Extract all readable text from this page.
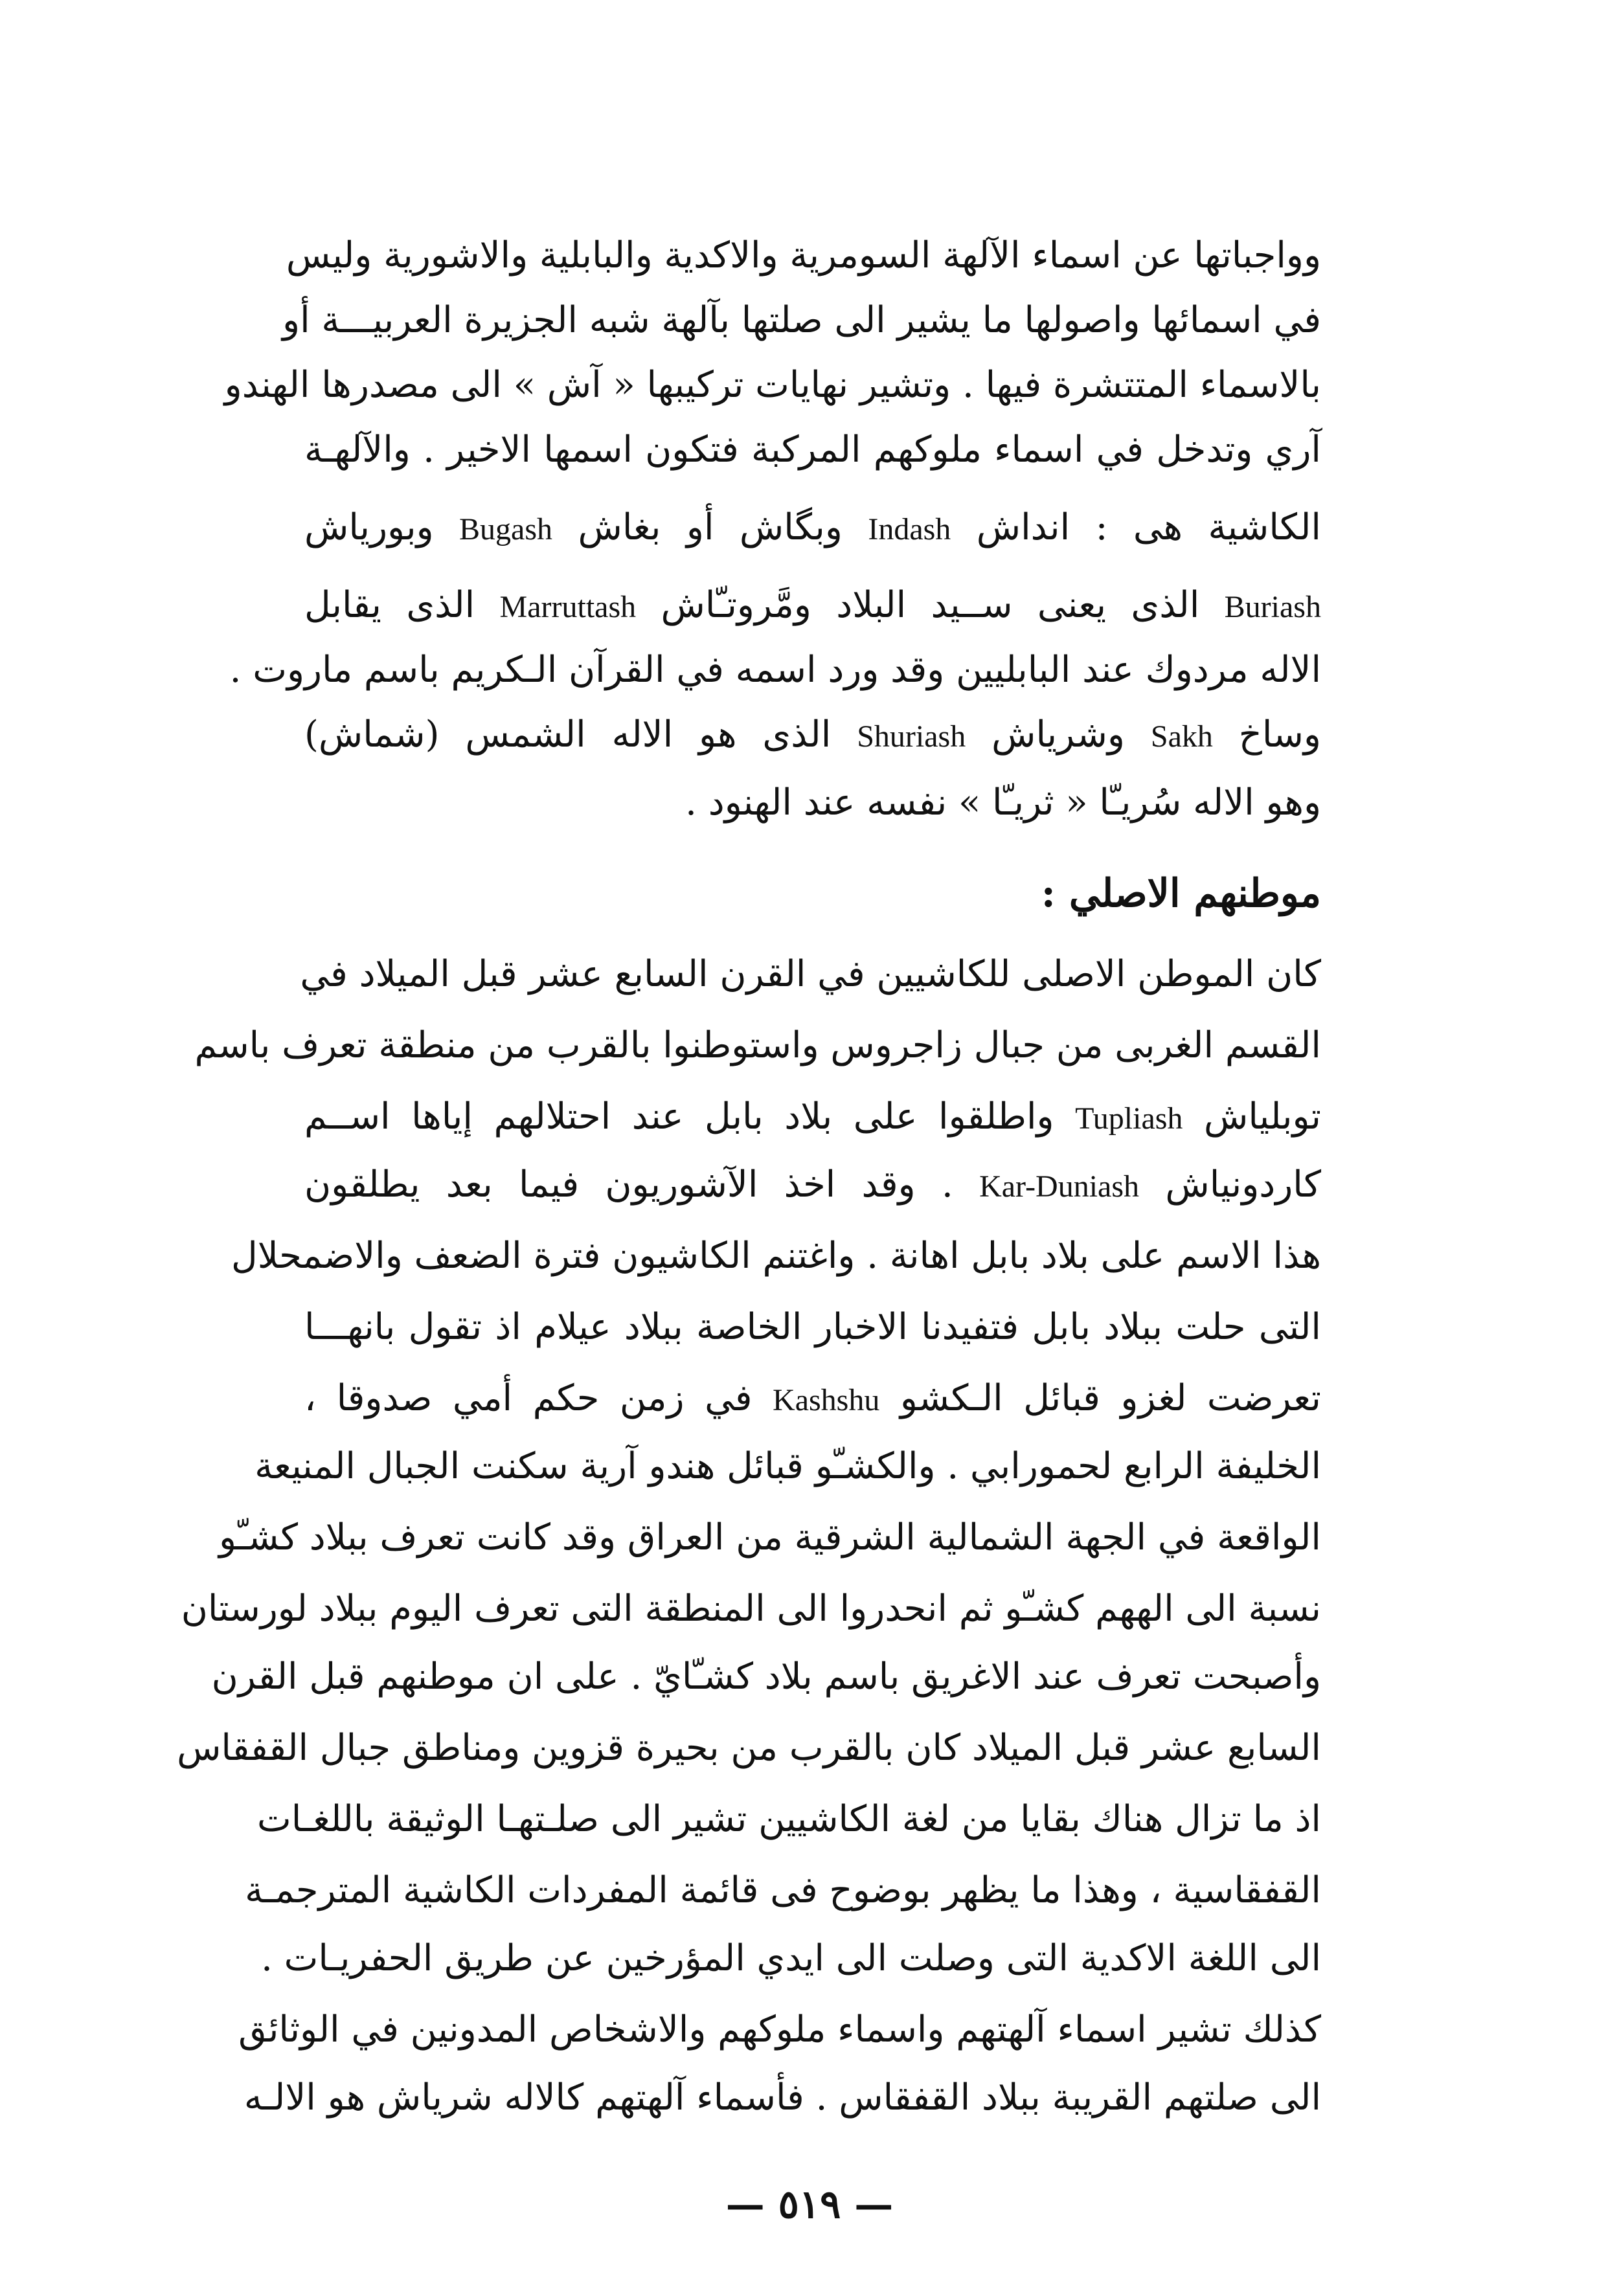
وواجباتها عن اسماء الآلهة السومرية والاكدية والبابلية والاشورية وليس
في اسمائها واصولها ما يشير الى صلتها بآلهة شبه الجزيرة العربيـــة أو
بالاسماء المتتشرة فيها . وتشير نهايات تركيبها « آش » الى مصدرها الهندو
آري وتدخل في اسماء ملوكهم المركبة فتكون اسمها الاخير . والآلهـة
الكاشية هى : انداش Indash وبگاش أو بغاش Bugash وبورياش
Buriash الذى يعنى ســيد البلاد ومَّروتـّاش Marruttash الذى يقابل
الاله مردوك عند البابليين وقد ورد اسمه في القرآن الـكريم باسم ماروت .
وساخ Sakh وشرياش Shuriash الذى هو الاله الشمس (شماش)
وهو الاله سُريـّا « ثريـّا » نفسه عند الهنود .
موطنهم الاصلي :
كان الموطن الاصلى للكاشيين في القرن السابع عشر قبل الميلاد في
القسم الغربى من جبال زاجروس واستوطنوا بالقرب من منطقة تعرف باسم
توبلياش Tupliash واطلقوا على بلاد بابل عند احتلالهم إياها اســم
كاردونياش Kar-Duniash . وقد اخذ الآشوريون فيما بعد يطلقون
هذا الاسم على بلاد بابل اهانة . واغتنم الكاشيون فترة الضعف والاضمحلال
التى حلت ببلاد بابل فتفيدنا الاخبار الخاصة ببلاد عيلام اذ تقول بانهـــا
تعرضت لغزو قبائل الـكشو Kashshu في زمن حكم أمي صدوقا ،
الخليفة الرابع لحمورابي . والكشـّو قبائل هندو آرية سكنت الجبال المنيعة
الواقعة في الجهة الشمالية الشرقية من العراق وقد كانت تعرف ببلاد كشـّو
نسبة الى الههم كشـّو ثم انحدروا الى المنطقة التى تعرف اليوم ببلاد لورستان
وأصبحت تعرف عند الاغريق باسم بلاد كشـّايّ . على ان موطنهم قبل القرن
السابع عشر قبل الميلاد كان بالقرب من بحيرة قزوين ومناطق جبال القفقاس
اذ ما تزال هناك بقايا من لغة الكاشيين تشير الى صلـتهـا الوثيقة باللغـات
القفقاسية ، وهذا ما يظهر بوضوح فى قائمة المفردات الكاشية المترجمـة
الى اللغة الاكدية التى وصلت الى ايدي المؤرخين عن طريق الحفريـات .
كذلك تشير اسماء آلهتهم واسماء ملوكهم والاشخاص المدونين في الوثائق
الى صلتهم القريبة ببلاد القفقاس . فأسماء آلهتهم كالاله شرياش هو الالـه
— ٥١٩ —
